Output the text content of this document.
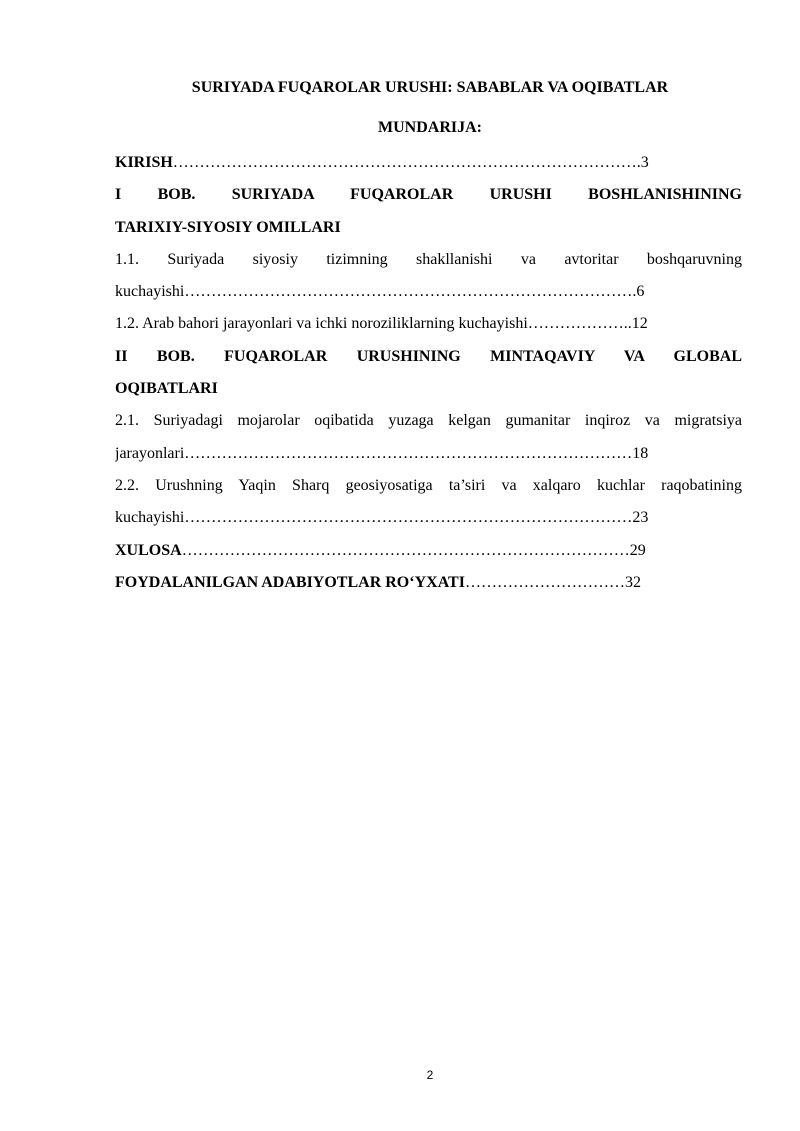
SURIYADA FUQAROLAR URUSHI: SABABLAR VA OQIBATLAR
MUNDARIJA:
KIRISH…………………………………………………………………………….3
I BOB. SURIYADA FUQAROLAR URUSHI BOSHLANISHINING
TARIXIY-SIYOSIY OMILLARI
1.1. Suriyada siyosiy tizimning shakllanishi va avtoritar boshqaruvning
kuchayishi………………………………………………………………………….6
1.2. Arab bahori jarayonlari va ichki noroziliklarning kuchayishi………………..12
II BOB. FUQAROLAR URUSHINING MINTAQAVIY VA GLOBAL
OQIBATLARI
2.1. Suriyadagi mojarolar oqibatida yuzaga kelgan gumanitar inqiroz va migratsiya
jarayonlari…………………………………………………………………………18
2.2. Urushning Yaqin Sharq geosiyosatiga ta’siri va xalqaro kuchlar raqobatining
kuchayishi…………………………………………………………………………23
XULOSA…………………………………………………………………………29
FOYDALANILGAN ADABIYOTLAR RO‘YXATI…………………………32
2
